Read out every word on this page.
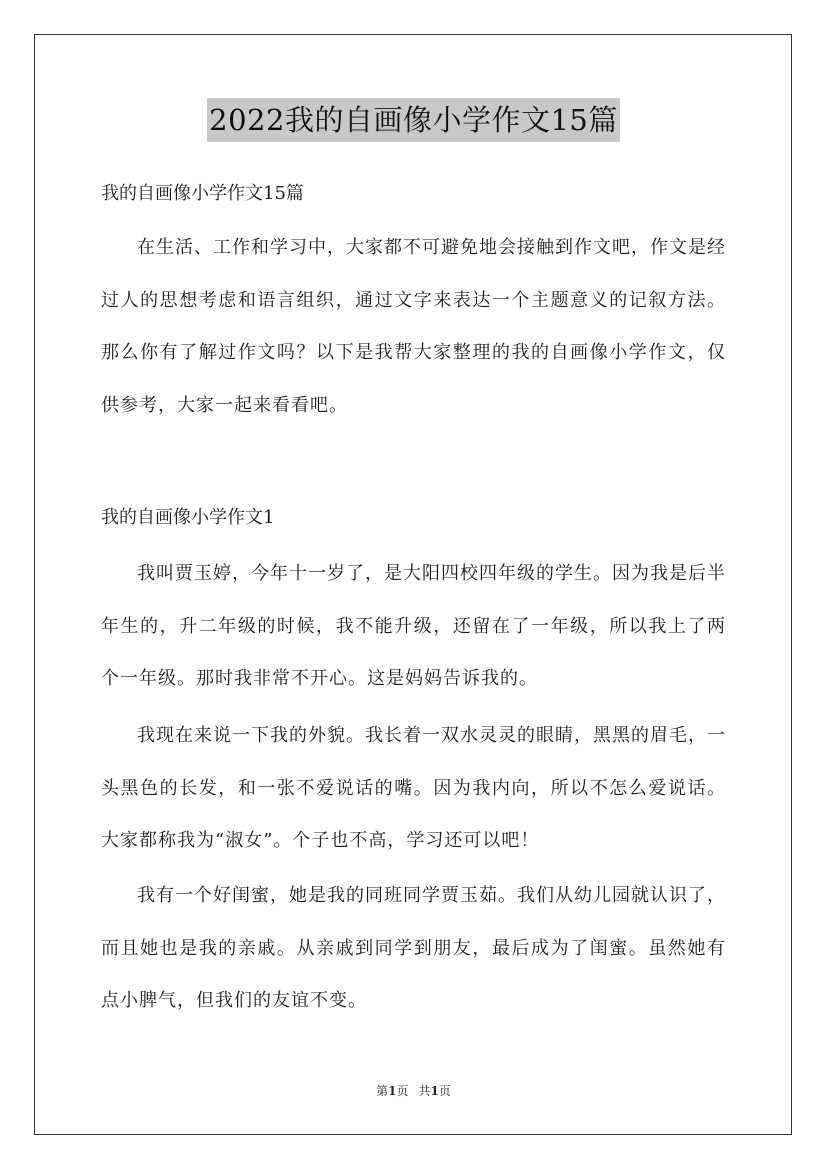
2022我的自画像小学作文15篇
我的自画像小学作文15篇
在生活、工作和学习中，大家都不可避免地会接触到作文吧，作文是经过人的思想考虑和语言组织，通过文字来表达一个主题意义的记叙方法。那么你有了解过作文吗？以下是我帮大家整理的我的自画像小学作文，仅供参考，大家一起来看看吧。
我的自画像小学作文1
我叫贾玉婷，今年十一岁了，是大阳四校四年级的学生。因为我是后半年生的，升二年级的时候，我不能升级，还留在了一年级，所以我上了两个一年级。那时我非常不开心。这是妈妈告诉我的。
我现在来说一下我的外貌。我长着一双水灵灵的眼睛，黑黑的眉毛，一头黑色的长发，和一张不爱说话的嘴。因为我内向，所以不怎么爱说话。大家都称我为“淑女”。个子也不高，学习还可以吧！
我有一个好闺蜜，她是我的同班同学贾玉茹。我们从幼儿园就认识了，而且她也是我的亲戚。从亲戚到同学到朋友，最后成为了闺蜜。虽然她有点小脾气，但我们的友谊不变。
第1页 共1页
